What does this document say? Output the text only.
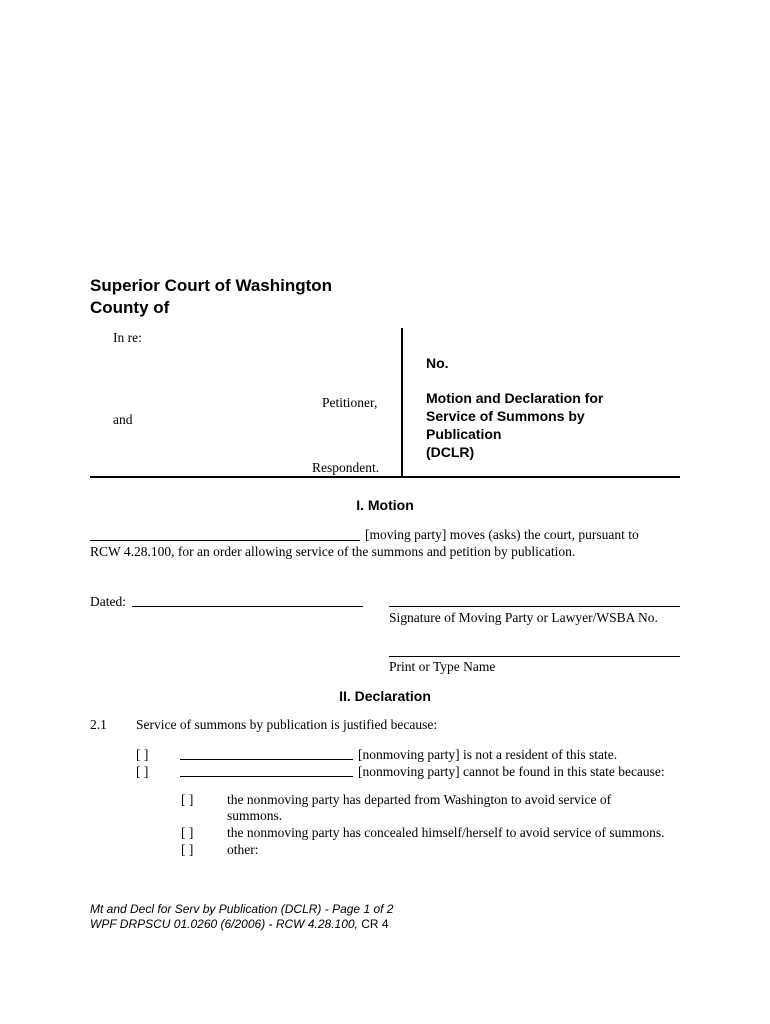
Superior Court of Washington
County of
In re:
Petitioner,
and
Respondent.
No.
Motion and Declaration for
Service of Summons by
Publication
(DCLR)
I. Motion
[moving party] moves (asks) the court, pursuant to
RCW 4.28.100, for an order allowing service of the summons and petition by publication.
Dated:
Signature of Moving Party or Lawyer/WSBA No.
Print or Type Name
II. Declaration
2.1 Service of summons by publication is justified because:
[ ]	[nonmoving party] is not a resident of this state.
[ ]	[nonmoving party] cannot be found in this state because:
[ ] the nonmoving party has departed from Washington to avoid service of
summons.
[ ] the nonmoving party has concealed himself/herself to avoid service of summons.
[ ] other:
Mt and Decl for Serv by Publication (DCLR) - Page 1 of 2
WPF DRPSCU 01.0260 (6/2006) - RCW 4.28.100, CR 4
